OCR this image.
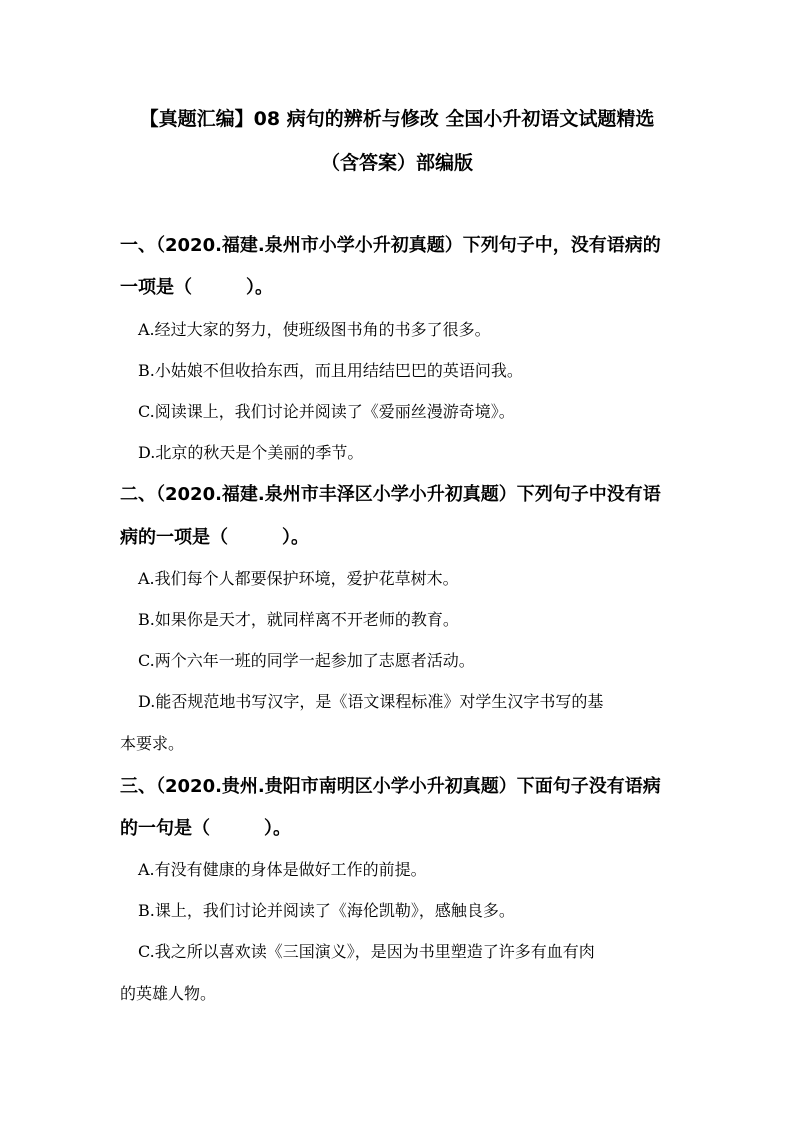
【真题汇编】08 病句的辨析与修改 全国小升初语文试题精选
（含答案）部编版
一、（2020.福建.泉州市小学小升初真题）下列句子中，没有语病的
一项是（　　　）。
A.经过大家的努力，使班级图书角的书多了很多。
B.小姑娘不但收拾东西，而且用结结巴巴的英语问我。
C.阅读课上，我们讨论并阅读了《爱丽丝漫游奇境》。
D.北京的秋天是个美丽的季节。
二、（2020.福建.泉州市丰泽区小学小升初真题）下列句子中没有语
病的一项是（　　　）。
A.我们每个人都要保护环境，爱护花草树木。
B.如果你是天才，就同样离不开老师的教育。
C.两个六年一班的同学一起参加了志愿者活动。
D.能否规范地书写汉字，是《语文课程标准》对学生汉字书写的基
本要求。
三、（2020.贵州.贵阳市南明区小学小升初真题）下面句子没有语病
的一句是（　　　）。
A.有没有健康的身体是做好工作的前提。
B.课上，我们讨论并阅读了《海伦凯勒》，感触良多。
C.我之所以喜欢读《三国演义》，是因为书里塑造了许多有血有肉
的英雄人物。
